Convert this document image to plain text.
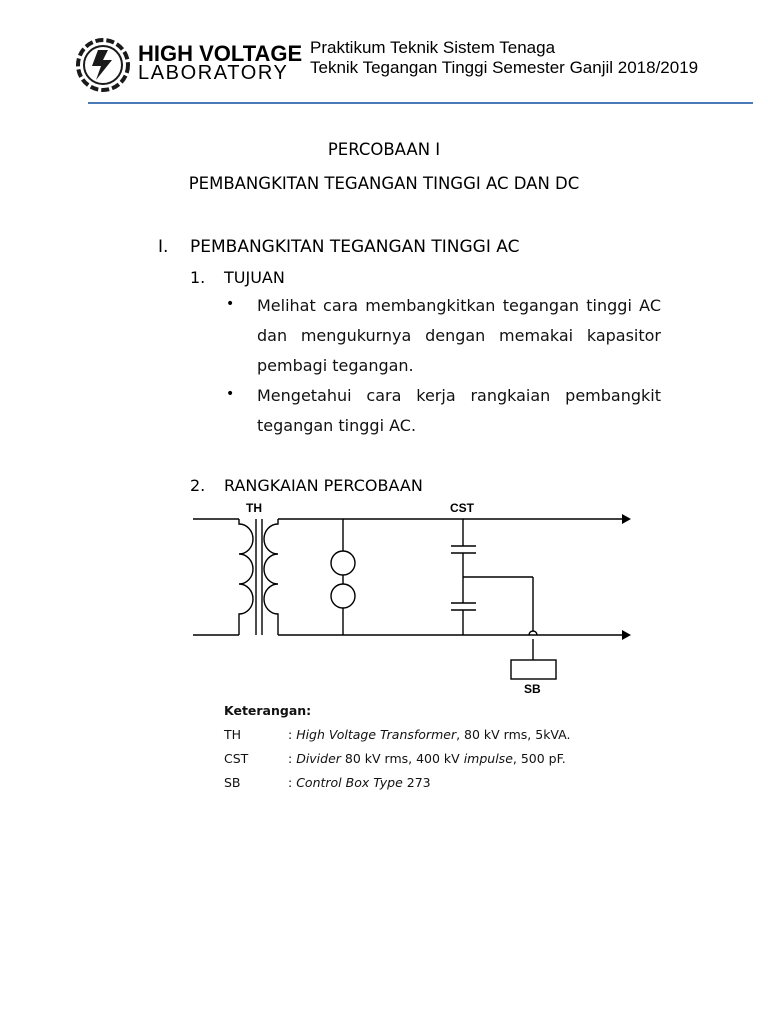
HIGH VOLTAGE
LABORATORY
Praktikum Teknik Sistem Tenaga
Teknik Tegangan Tinggi Semester Ganjil 2018/2019
PERCOBAAN I
PEMBANGKITAN TEGANGAN TINGGI AC DAN DC
I. PEMBANGKITAN TEGANGAN TINGGI AC
1. TUJUAN
• Melihat cara membangkitkan tegangan tinggi AC dan mengukurnya dengan memakai kapasitor pembagi tegangan.
• Mengetahui cara kerja rangkaian pembangkit tegangan tinggi AC.
2. RANGKAIAN PERCOBAAN
TH	CST
SB
Keterangan:
TH	: High Voltage Transformer, 80 kV rms, 5kVA.
CST	: Divider 80 kV rms, 400 kV impulse, 500 pF.
SB	: Control Box Type 273
